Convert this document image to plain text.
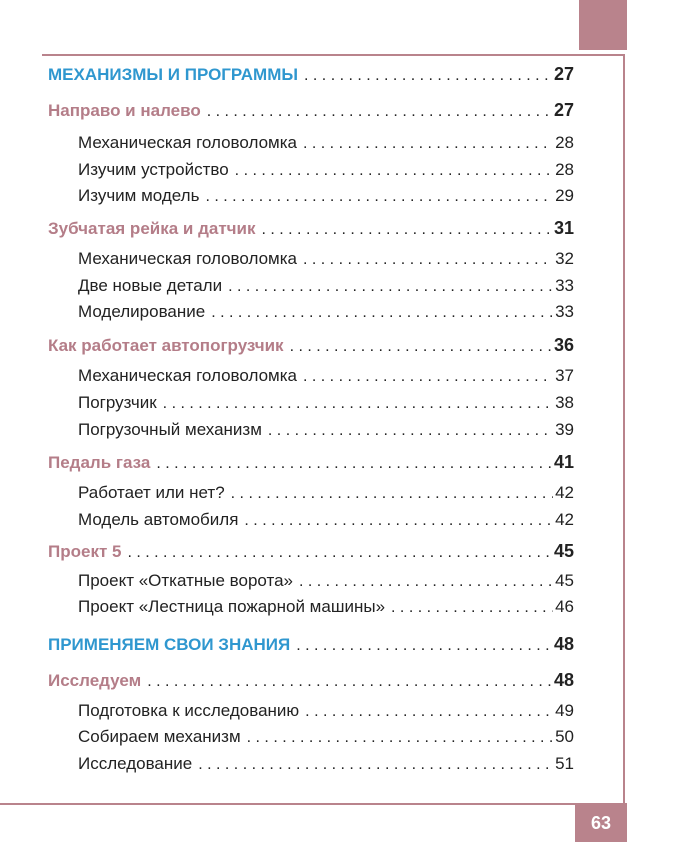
МЕХАНИЗМЫ И ПРОГРАММЫ . . .	27
Направо и налево . . .	27
Механическая головоломка . . .	28
Изучим устройство . . .	28
Изучим модель . . .	29
Зубчатая рейка и датчик . . .	31
Механическая головоломка . . .	32
Две новые детали . . .	33
Моделирование . . .	33
Как работает автопогрузчик . . .	36
Механическая головоломка . . .	37
Погрузчик . . .	38
Погрузочный механизм . . .	39
Педаль газа . . .	41
Работает или нет? . . .	42
Модель автомобиля . . .	42
Проект 5 . . .	45
Проект «Откатные ворота» . . .	45
Проект «Лестница пожарной машины» . . .	46
ПРИМЕНЯЕМ СВОИ ЗНАНИЯ . . .	48
Исследуем . . .	48
Подготовка к исследованию . . .	49
Собираем механизм . . .	50
Исследование . . .	51
63
